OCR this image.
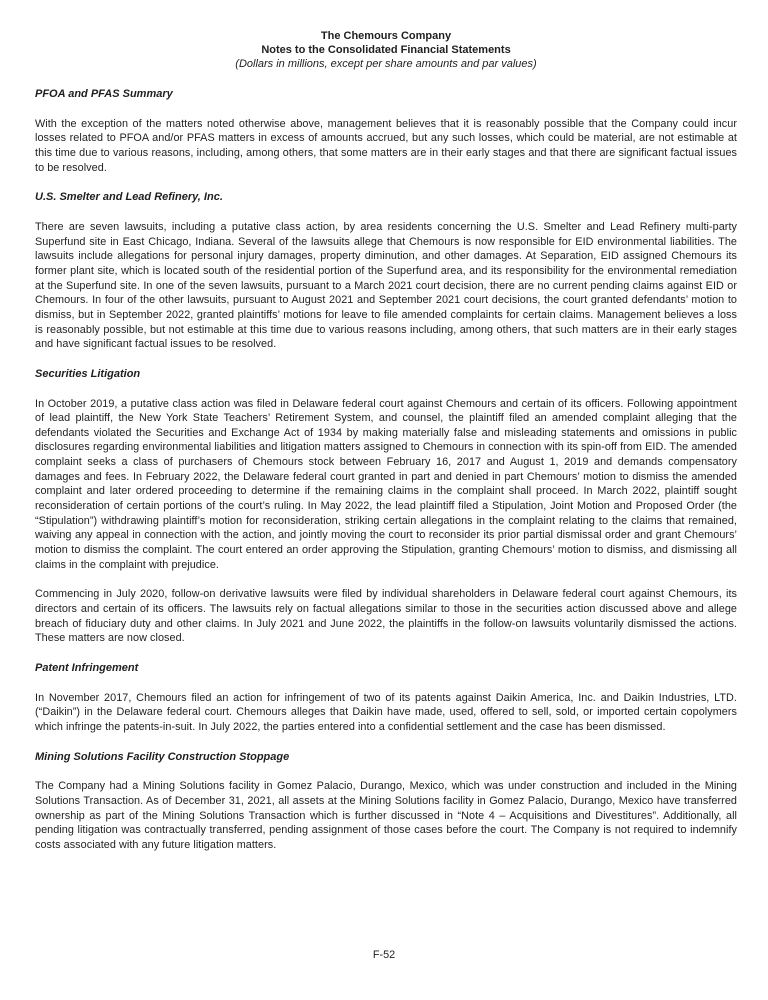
The Chemours Company
Notes to the Consolidated Financial Statements
(Dollars in millions, except per share amounts and par values)
PFOA and PFAS Summary

With the exception of the matters noted otherwise above, management believes that it is reasonably possible that the Company could incur losses related to PFOA and/or PFAS matters in excess of amounts accrued, but any such losses, which could be material, are not estimable at this time due to various reasons, including, among others, that some matters are in their early stages and that there are significant factual issues to be resolved.

U.S. Smelter and Lead Refinery, Inc.

There are seven lawsuits, including a putative class action, by area residents concerning the U.S. Smelter and Lead Refinery multi-party Superfund site in East Chicago, Indiana. Several of the lawsuits allege that Chemours is now responsible for EID environmental liabilities. The lawsuits include allegations for personal injury damages, property diminution, and other damages. At Separation, EID assigned Chemours its former plant site, which is located south of the residential portion of the Superfund area, and its responsibility for the environmental remediation at the Superfund site. In one of the seven lawsuits, pursuant to a March 2021 court decision, there are no current pending claims against EID or Chemours. In four of the other lawsuits, pursuant to August 2021 and September 2021 court decisions, the court granted defendants’ motion to dismiss, but in September 2022, granted plaintiffs’ motions for leave to file amended complaints for certain claims. Management believes a loss is reasonably possible, but not estimable at this time due to various reasons including, among others, that such matters are in their early stages and have significant factual issues to be resolved.

Securities Litigation

In October 2019, a putative class action was filed in Delaware federal court against Chemours and certain of its officers. Following appointment of lead plaintiff, the New York State Teachers’ Retirement System, and counsel, the plaintiff filed an amended complaint alleging that the defendants violated the Securities and Exchange Act of 1934 by making materially false and misleading statements and omissions in public disclosures regarding environmental liabilities and litigation matters assigned to Chemours in connection with its spin-off from EID. The amended complaint seeks a class of purchasers of Chemours stock between February 16, 2017 and August 1, 2019 and demands compensatory damages and fees. In February 2022, the Delaware federal court granted in part and denied in part Chemours’ motion to dismiss the amended complaint and later ordered proceeding to determine if the remaining claims in the complaint shall proceed. In March 2022, plaintiff sought reconsideration of certain portions of the court’s ruling. In May 2022, the lead plaintiff filed a Stipulation, Joint Motion and Proposed Order (the “Stipulation”) withdrawing plaintiff’s motion for reconsideration, striking certain allegations in the complaint relating to the claims that remained, waiving any appeal in connection with the action, and jointly moving the court to reconsider its prior partial dismissal order and grant Chemours’ motion to dismiss the complaint. The court entered an order approving the Stipulation, granting Chemours’ motion to dismiss, and dismissing all claims in the complaint with prejudice.

Commencing in July 2020, follow-on derivative lawsuits were filed by individual shareholders in Delaware federal court against Chemours, its directors and certain of its officers. The lawsuits rely on factual allegations similar to those in the securities action discussed above and allege breach of fiduciary duty and other claims. In July 2021 and June 2022, the plaintiffs in the follow-on lawsuits voluntarily dismissed the actions. These matters are now closed.

Patent Infringement

In November 2017, Chemours filed an action for infringement of two of its patents against Daikin America, Inc. and Daikin Industries, LTD. (“Daikin”) in the Delaware federal court. Chemours alleges that Daikin have made, used, offered to sell, sold, or imported certain copolymers which infringe the patents-in-suit. In July 2022, the parties entered into a confidential settlement and the case has been dismissed.

Mining Solutions Facility Construction Stoppage

The Company had a Mining Solutions facility in Gomez Palacio, Durango, Mexico, which was under construction and included in the Mining Solutions Transaction. As of December 31, 2021, all assets at the Mining Solutions facility in Gomez Palacio, Durango, Mexico have transferred ownership as part of the Mining Solutions Transaction which is further discussed in “Note 4 – Acquisitions and Divestitures”. Additionally, all pending litigation was contractually transferred, pending assignment of those cases before the court. The Company is not required to indemnify costs associated with any future litigation matters.

F-52
